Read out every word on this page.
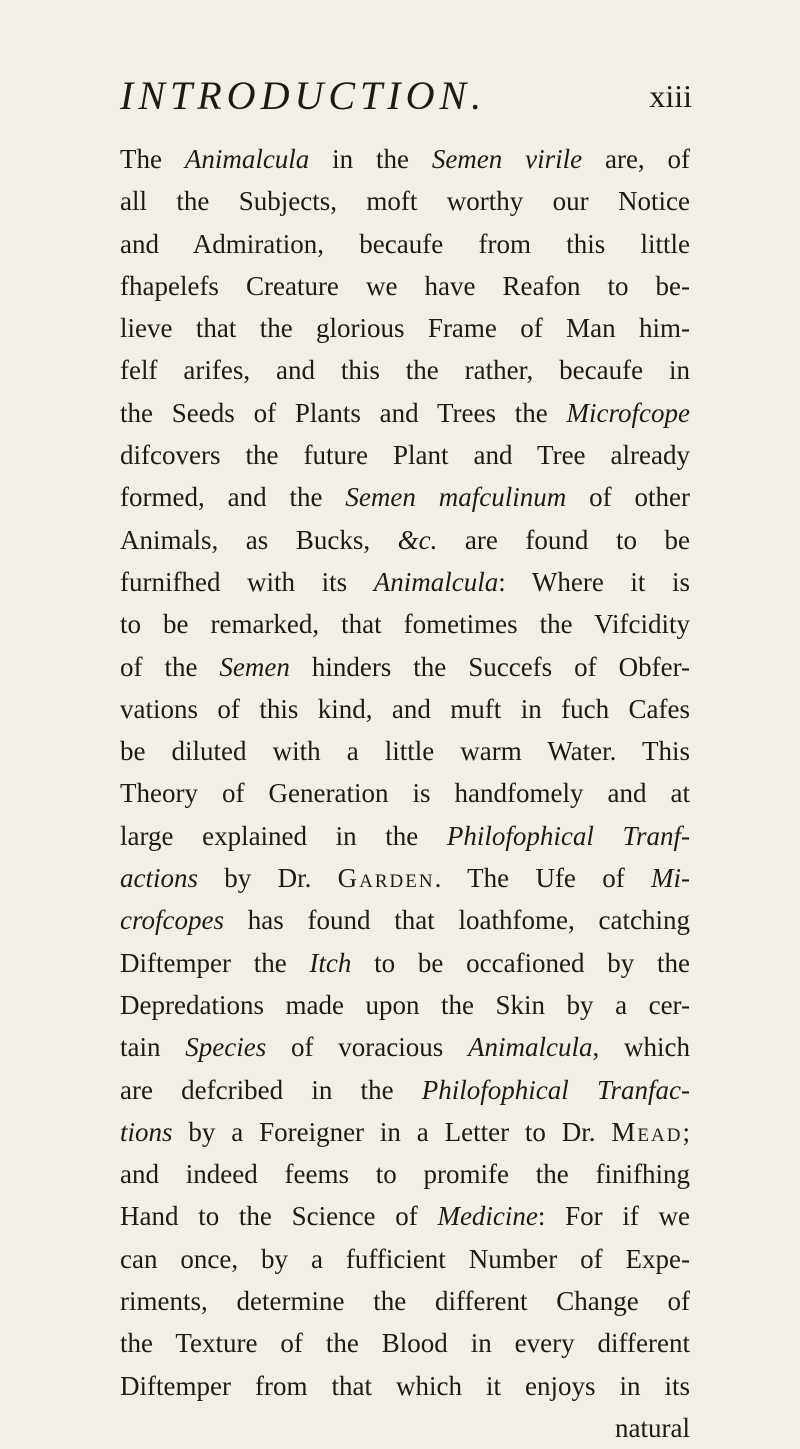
INTRODUCTION.	xiii
The Animalcula in the Semen virile are, of
all the Subjects, moft worthy our Notice
and Admiration, becaufe from this little
fhapelefs Creature we have Reafon to be-
lieve that the glorious Frame of Man him-
felf arifes, and this the rather, becaufe in
the Seeds of Plants and Trees the Microfcope
difcovers the future Plant and Tree already
formed, and the Semen mafculinum of other
Animals, as Bucks, &c. are found to be
furnifhed with its Animalcula: Where it is
to be remarked, that fometimes the Vifcidity
of the Semen hinders the Succefs of Obfer-
vations of this kind, and muft in fuch Cafes
be diluted with a little warm Water. This
Theory of Generation is handfomely and at
large explained in the Philofophical Tranf-
actions by Dr. Garden. The Ufe of Mi-
crofcopes has found that loathfome, catching
Diftemper the Itch to be occafioned by the
Depredations made upon the Skin by a cer-
tain Species of voracious Animalcula, which
are defcribed in the Philofophical Tranfac-
tions by a Foreigner in a Letter to Dr. Mead;
and indeed feems to promife the finifhing
Hand to the Science of Medicine: For if we
can once, by a fufficient Number of Expe-
riments, determine the different Change of
the Texture of the Blood in every different
Diftemper from that which it enjoys in its
natural
